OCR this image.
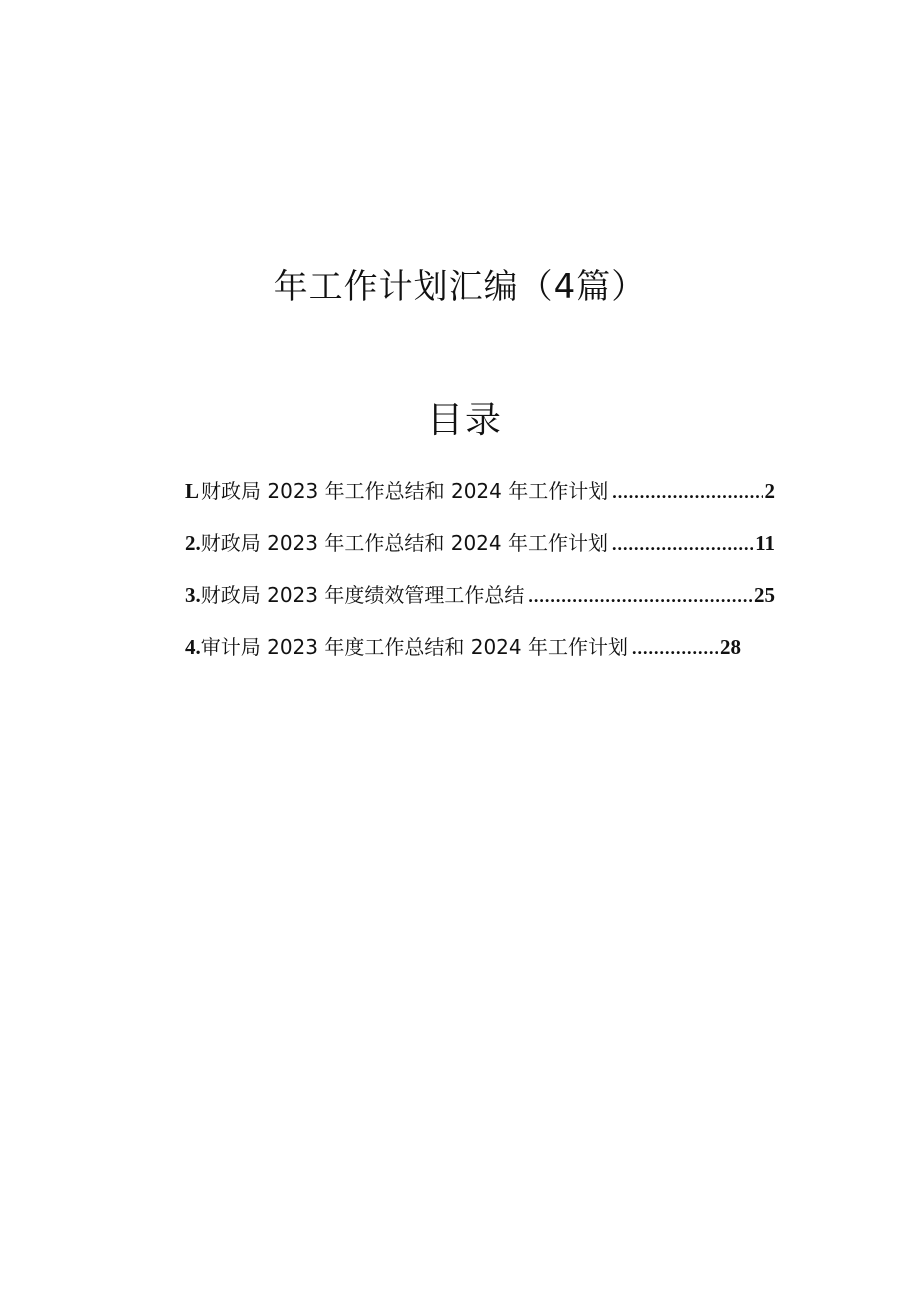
年工作计划汇编（4篇）
目录
L 财政局 2023 年工作总结和 2024 年工作计划 .....	2
2 . 财政局 2023 年工作总结和 2024 年工作计划 .....	11
3 . 财政局 2023 年度绩效管理工作总结 .....	25
4 . 审计局 2023 年度工作总结和 2024 年工作计划 .....	28
